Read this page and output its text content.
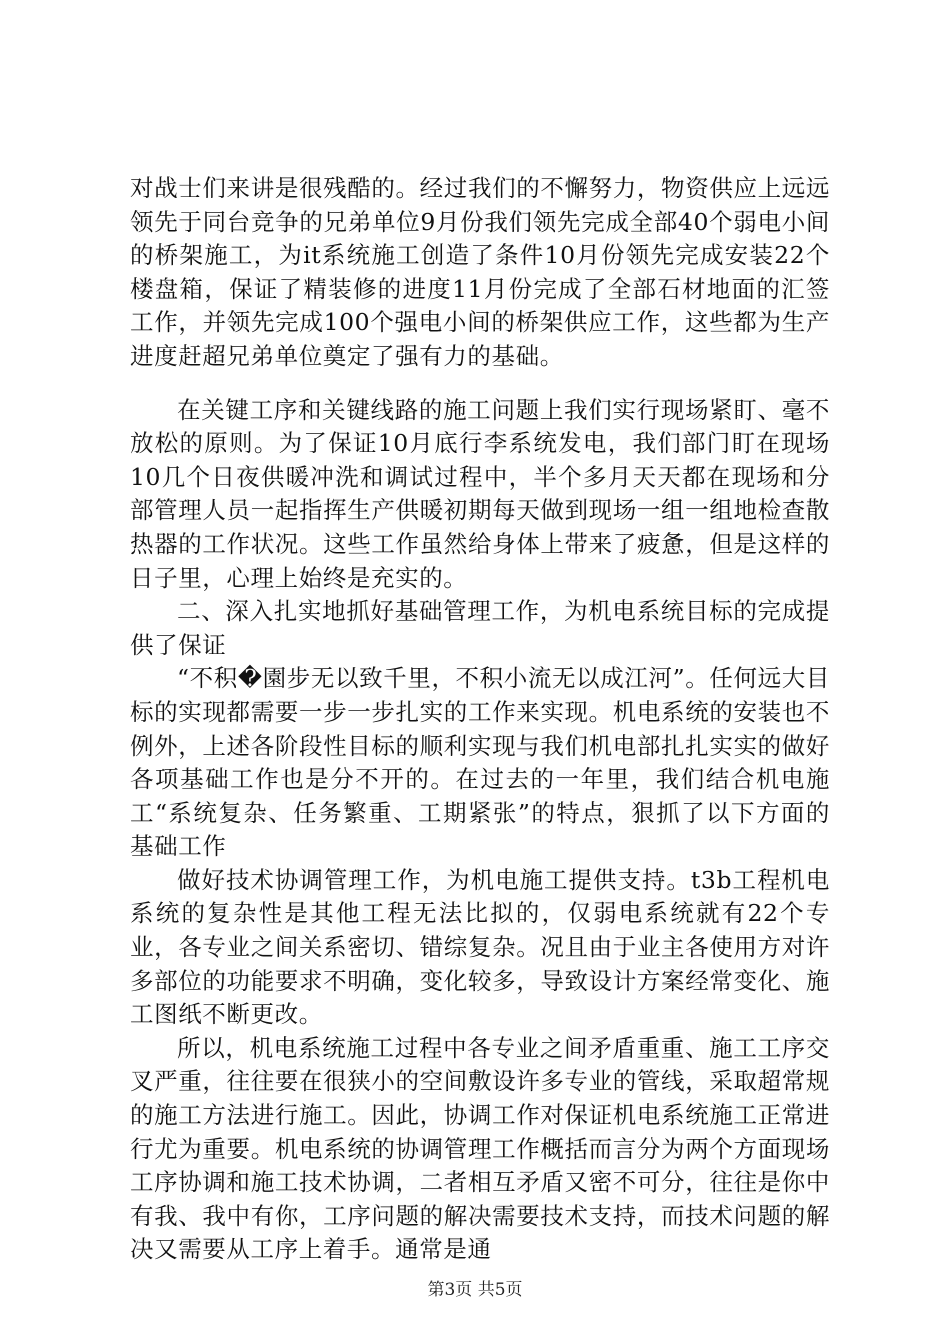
对战士们来讲是很残酷的。经过我们的不懈努力，物资供应上远远领先于同台竞争的兄弟单位9月份我们领先完成全部40个弱电小间的桥架施工，为it系统施工创造了条件10月份领先完成安装22个楼盘箱，保证了精装修的进度11月份完成了全部石材地面的汇签工作，并领先完成100个强电小间的桥架供应工作，这些都为生产进度赶超兄弟单位奠定了强有力的基础。

在关键工序和关键线路的施工问题上我们实行现场紧盯、毫不放松的原则。为了保证10月底行李系统发电，我们部门盯在现场10几个日夜供暖冲洗和调试过程中，半个多月天天都在现场和分部管理人员一起指挥生产供暖初期每天做到现场一组一组地检查散热器的工作状况。这些工作虽然给身体上带来了疲惫，但是这样的日子里，心理上始终是充实的。

二、深入扎实地抓好基础管理工作，为机电系统目标的完成提供了保证

“不积�園步无以致千里，不积小流无以成江河”。任何远大目标的实现都需要一步一步扎实的工作来实现。机电系统的安装也不例外，上述各阶段性目标的顺利实现与我们机电部扎扎实实的做好各项基础工作也是分不开的。在过去的一年里，我们结合机电施工“系统复杂、任务繁重、工期紧张”的特点，狠抓了以下方面的基础工作

做好技术协调管理工作，为机电施工提供支持。t3b工程机电系统的复杂性是其他工程无法比拟的，仅弱电系统就有22个专业，各专业之间关系密切、错综复杂。况且由于业主各使用方对许多部位的功能要求不明确，变化较多，导致设计方案经常变化、施工图纸不断更改。

所以，机电系统施工过程中各专业之间矛盾重重、施工工序交叉严重，往往要在很狭小的空间敷设许多专业的管线，采取超常规的施工方法进行施工。因此，协调工作对保证机电系统施工正常进行尤为重要。机电系统的协调管理工作概括而言分为两个方面现场工序协调和施工技术协调，二者相互矛盾又密不可分，往往是你中有我、我中有你，工序问题的解决需要技术支持，而技术问题的解决又需要从工序上着手。通常是通

第3页 共5页
